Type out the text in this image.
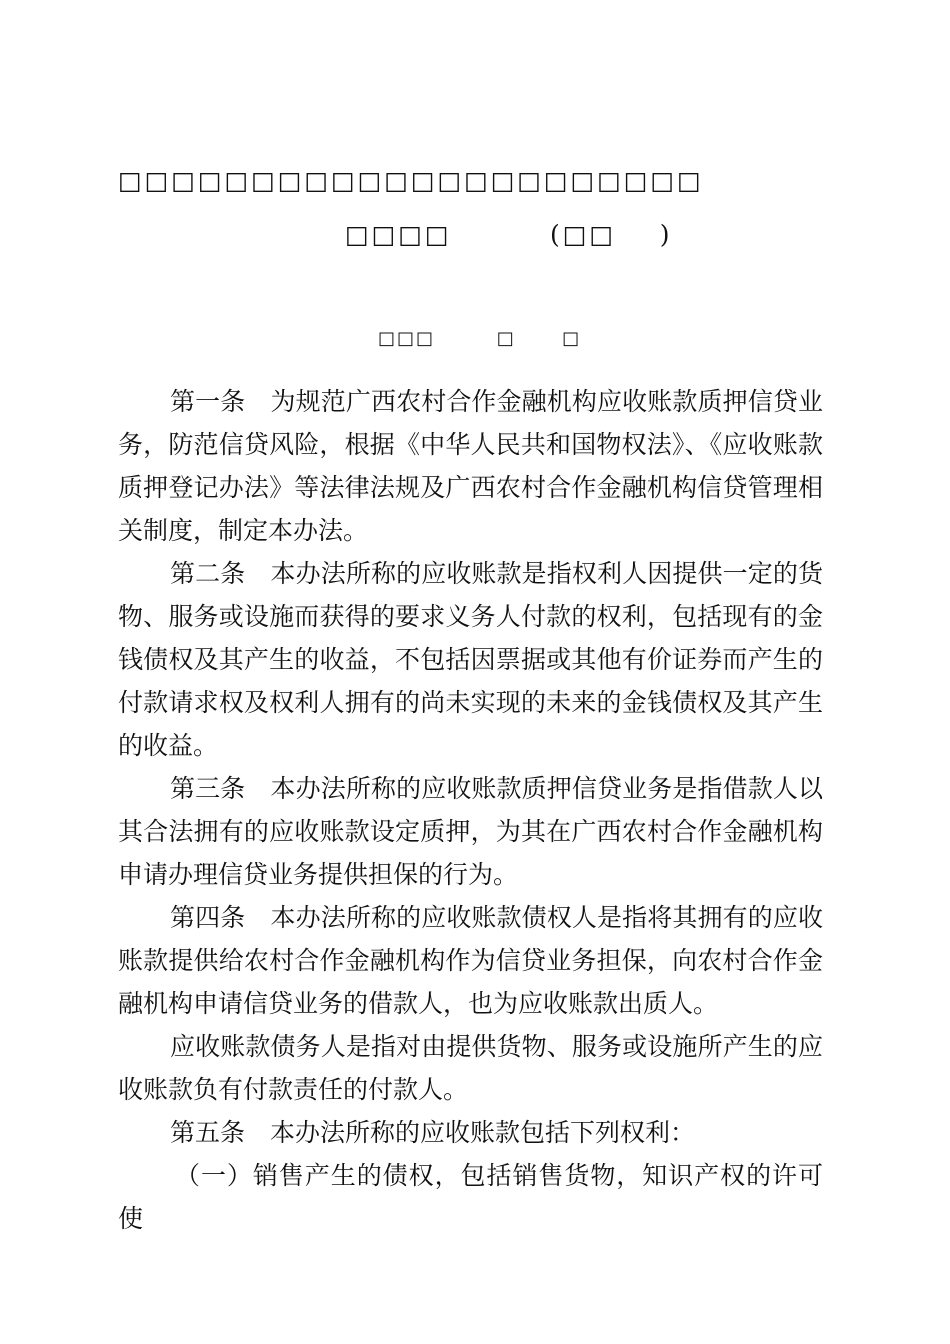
□□□□□□□□□□□□□□□□□□□□□□
□□□□         (□□    )
□□□        □      □

第一条　为规范广西农村合作金融机构应收账款质押信贷业务，防范信贷风险，根据《中华人民共和国物权法》、《应收账款质押登记办法》等法律法规及广西农村合作金融机构信贷管理相关制度，制定本办法。

第二条　本办法所称的应收账款是指权利人因提供一定的货物、服务或设施而获得的要求义务人付款的权利，包括现有的金钱债权及其产生的收益，不包括因票据或其他有价证券而产生的付款请求权及权利人拥有的尚未实现的未来的金钱债权及其产生的收益。

第三条　本办法所称的应收账款质押信贷业务是指借款人以其合法拥有的应收账款设定质押，为其在广西农村合作金融机构申请办理信贷业务提供担保的行为。

第四条　本办法所称的应收账款债权人是指将其拥有的应收账款提供给农村合作金融机构作为信贷业务担保，向农村合作金融机构申请信贷业务的借款人，也为应收账款出质人。

应收账款债务人是指对由提供货物、服务或设施所产生的应收账款负有付款责任的付款人。

第五条　本办法所称的应收账款包括下列权利：

（一）销售产生的债权，包括销售货物，知识产权的许可使
